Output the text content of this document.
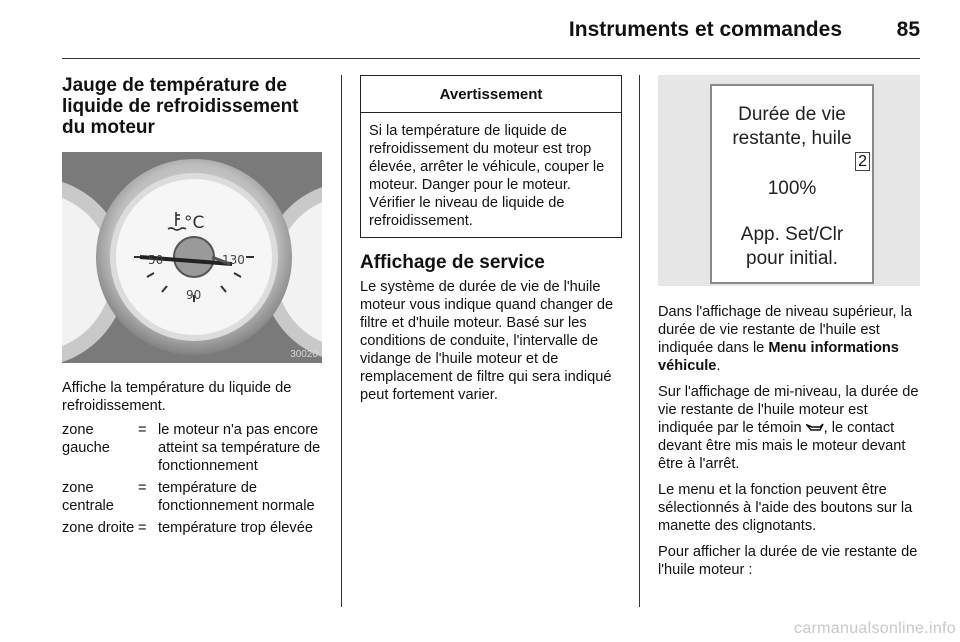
Instruments et commandes	85
Jauge de température de liquide de refroidissement du moteur
°C
50
90
130
30020

Affiche la température du liquide de refroidissement.

zone gauche
= le moteur n'a pas encore atteint sa température de fonctionnement
zone centrale
= température de fonctionnement normale
zone droite = température trop élevée
Avertissement
Si la température de liquide de refroidissement du moteur est trop élevée, arrêter le véhicule, couper le moteur. Danger pour le moteur. Vérifier le niveau de liquide de refroidissement.
Affichage de service

Le système de durée de vie de l'huile moteur vous indique quand changer de filtre et d'huile moteur. Basé sur les conditions de conduite, l'intervalle de vidange de l'huile moteur et de remplacement de filtre qui sera indiqué peut fortement varier.

Durée de vie
restante, huile
2
100%
App. Set/Clr
pour initial.

Dans l'affichage de niveau supérieur, la durée de vie restante de l'huile est indiquée dans le Menu informations véhicule.

Sur l'affichage de mi-niveau, la durée de vie restante de l'huile moteur est indiquée par le témoin , le contact devant être mis mais le moteur devant être à l'arrêt.

Le menu et la fonction peuvent être sélectionnés à l'aide des boutons sur la manette des clignotants.

Pour afficher la durée de vie restante de l'huile moteur :

carmanualsonline.info
